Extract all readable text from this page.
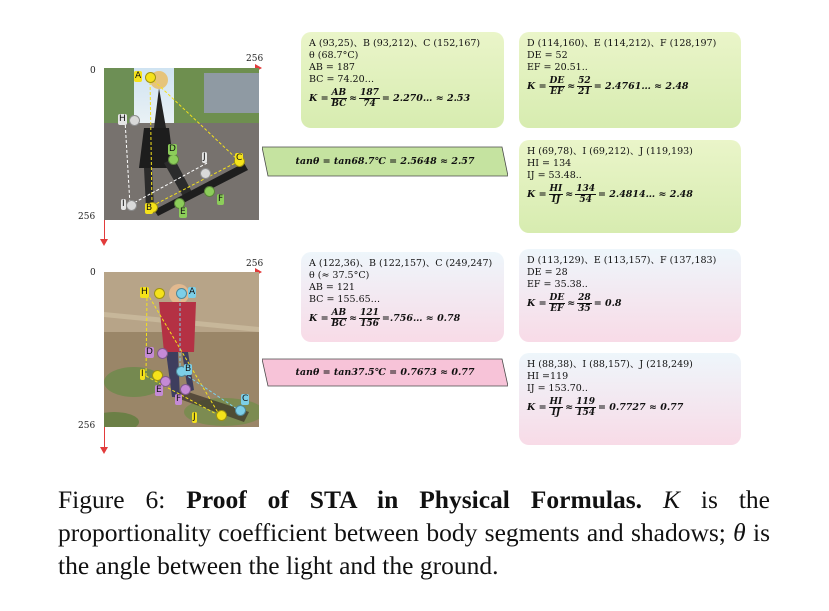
0
256
256
A
H
D
J	C
I B	E
F
A (93,25)、B (93,212)、C (152,167)
θ (68.7°C)
AB = 187
BC = 74.20…
$K = \frac{AB}{BC} \approx \frac{187}{74}$ = 2.270… ≈ 2.53
D (114,160)、E (114,212)、F (128,197)
DE = 52
EF = 20.51..
$K = \frac{DE}{EF} \approx \frac{52}{21}$ = 2.4761… ≈ 2.48
tanθ = tan68.7℃ = 2.5648 ≈ 2.57
H (69,78)、I (69,212)、J (119,193)
HI = 134
IJ = 53.48..
$K = \frac{HI}{IJ} \approx \frac{134}{54}$ = 2.4814… ≈ 2.48
0
256
256
H	A
D
I	B
E
F
J
C
A (122,36)、B (122,157)、C (249,247)
θ (≈ 37.5°C)
AB = 121
BC = 155.65…
$K = \frac{AB}{BC} \approx \frac{121}{156}$ =.756… ≈ 0.78
D (113,129)、E (113,157)、F (137,183)
DE = 28
EF = 35.38..
$K = \frac{DE}{EF} \approx \frac{28}{35} = 0.8$
tanθ = tan37.5℃ = 0.7673 ≈ 0.77
H (88,38)、I (88,157)、J (218,249)
HI =119
IJ = 153.70..
$K = \frac{HI}{IJ} \approx \frac{119}{154} = 0.7727 \approx 0.77$
Figure 6: Proof of STA in Physical Formulas. K is the proportionality coefficient between body segments and shadows; θ is the angle between the light and the ground.
